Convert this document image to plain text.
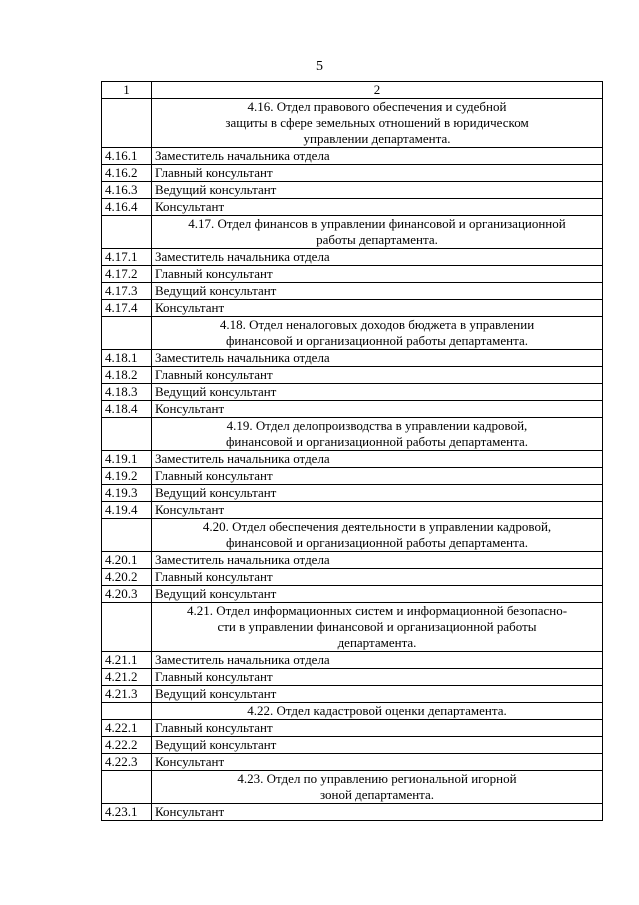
5
1	2

	4.16. Отдел правового обеспечения и судебной
защиты в сфере земельных отношений в юридическом
управлении департамента.

4.16.1	Заместитель начальника отдела
4.16.2	Главный консультант
4.16.3	Ведущий консультант
4.16.4	Консультант

	4.17. Отдел финансов в управлении финансовой и организационной
работы департамента.

4.17.1	Заместитель начальника отдела
4.17.2	Главный консультант
4.17.3	Ведущий консультант
4.17.4	Консультант

	4.18. Отдел неналоговых доходов бюджета в управлении
финансовой и организационной работы департамента.

4.18.1	Заместитель начальника отдела
4.18.2	Главный консультант
4.18.3	Ведущий консультант
4.18.4	Консультант

	4.19. Отдел делопроизводства в управлении кадровой,
финансовой и организационной работы департамента.

4.19.1	Заместитель начальника отдела
4.19.2	Главный консультант
4.19.3	Ведущий консультант
4.19.4	Консультант

	4.20. Отдел обеспечения деятельности в управлении кадровой,
финансовой и организационной работы департамента.

4.20.1	Заместитель начальника отдела
4.20.2	Главный консультант
4.20.3	Ведущий консультант

	4.21. Отдел информационных систем и информационной безопасно-
сти в управлении финансовой и организационной работы
департамента.

4.21.1	Заместитель начальника отдела
4.21.2	Главный консультант
4.21.3	Ведущий консультант

	4.22. Отдел кадастровой оценки департамента.

4.22.1	Главный консультант
4.22.2	Ведущий консультант
4.22.3	Консультант

	4.23. Отдел по управлению региональной игорной
зоной департамента.

4.23.1	Консультант
